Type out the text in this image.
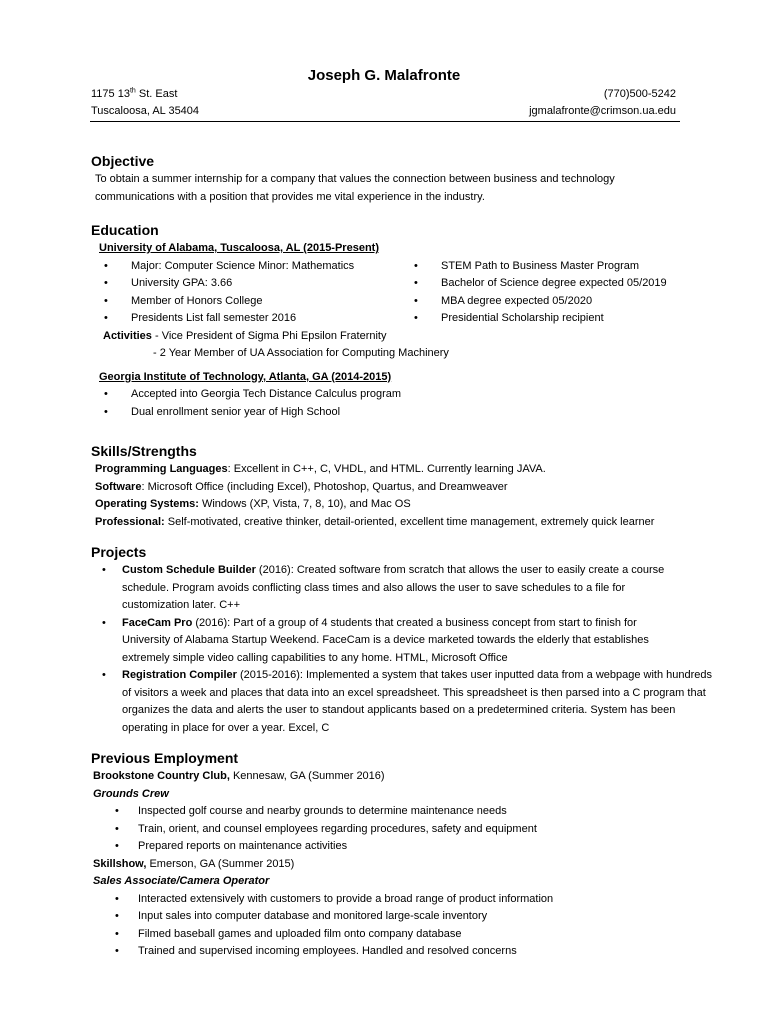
Joseph G. Malafronte
1175 13th St. East
Tuscaloosa, AL 35404
(770)500-5242
jgmalafronte@crimson.ua.edu
Objective
To obtain a summer internship for a company that values the connection between business and technology communications with a position that provides me vital experience in the industry.
Education
University of Alabama, Tuscaloosa, AL (2015-Present)
• Major: Computer Science Minor: Mathematics
• University GPA: 3.66
• Member of Honors College
• Presidents List fall semester 2016
• STEM Path to Business Master Program
• Bachelor of Science degree expected 05/2019
• MBA degree expected 05/2020
• Presidential Scholarship recipient
Activities - Vice President of Sigma Phi Epsilon Fraternity
- 2 Year Member of UA Association for Computing Machinery
Georgia Institute of Technology, Atlanta, GA (2014-2015)
• Accepted into Georgia Tech Distance Calculus program
• Dual enrollment senior year of High School
Skills/Strengths
Programming Languages: Excellent in C++, C, VHDL, and HTML. Currently learning JAVA.
Software: Microsoft Office (including Excel), Photoshop, Quartus, and Dreamweaver
Operating Systems: Windows (XP, Vista, 7, 8, 10), and Mac OS
Professional: Self-motivated, creative thinker, detail-oriented, excellent time management, extremely quick learner
Projects
• Custom Schedule Builder (2016): Created software from scratch that allows the user to easily create a course schedule. Program avoids conflicting class times and also allows the user to save schedules to a file for customization later. C++
• FaceCam Pro (2016): Part of a group of 4 students that created a business concept from start to finish for University of Alabama Startup Weekend. FaceCam is a device marketed towards the elderly that establishes extremely simple video calling capabilities to any home. HTML, Microsoft Office
• Registration Compiler (2015-2016): Implemented a system that takes user inputted data from a webpage with hundreds of visitors a week and places that data into an excel spreadsheet. This spreadsheet is then parsed into a C program that organizes the data and alerts the user to standout applicants based on a predetermined criteria. System has been operating in place for over a year. Excel, C
Previous Employment
Brookstone Country Club, Kennesaw, GA (Summer 2016)
Grounds Crew
• Inspected golf course and nearby grounds to determine maintenance needs
• Train, orient, and counsel employees regarding procedures, safety and equipment
• Prepared reports on maintenance activities
Skillshow, Emerson, GA (Summer 2015)
Sales Associate/Camera Operator
• Interacted extensively with customers to provide a broad range of product information
• Input sales into computer database and monitored large-scale inventory
• Filmed baseball games and uploaded film onto company database
• Trained and supervised incoming employees. Handled and resolved concerns
